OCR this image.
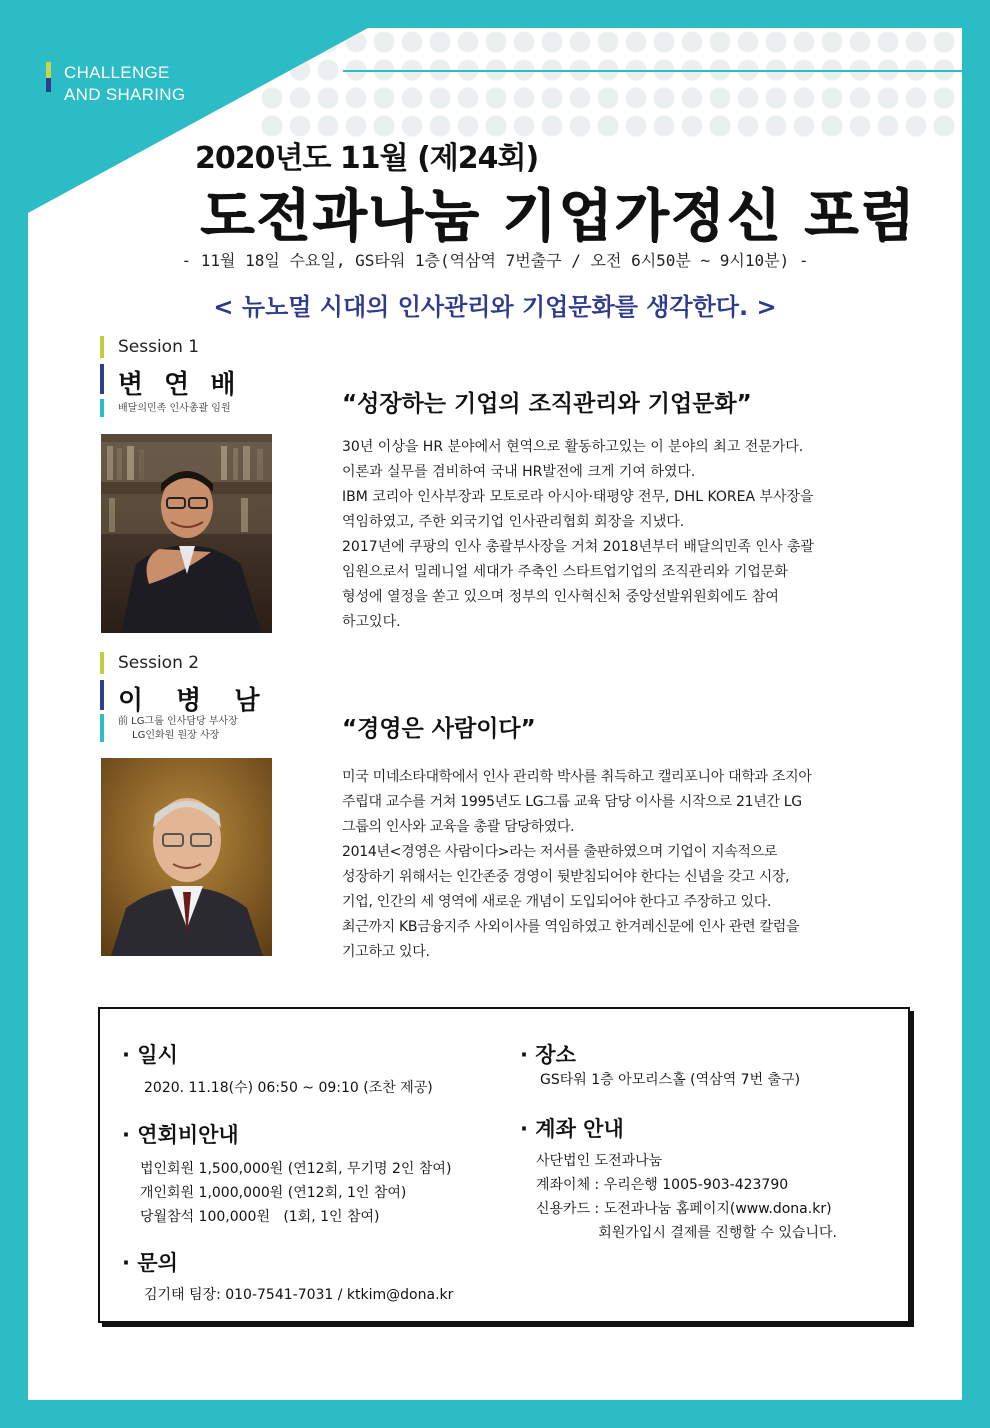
CHALLENGE
AND SHARING
2020년도 11월 (제24회)
도전과나눔 기업가정신 포럼
- 11월 18일 수요일, GS타워 1층(역삼역 7번출구 / 오전 6시50분 ~ 9시10분) -
< 뉴노멀 시대의 인사관리와 기업문화를 생각한다. >
Session 1
변 연 배
배달의민족 인사총괄 임원	“성장하는 기업의 조직관리와 기업문화”

30년 이상을 HR 분야에서 현역으로 활동하고있는 이 분야의 최고 전문가다.

이론과 실무를 겸비하여 국내 HR발전에 크게 기여 하였다.

IBM 코리아 인사부장과 모토로라 아시아·태평양 전무, DHL KOREA 부사장을

역임하였고, 주한 외국기업 인사관리협회 회장을 지냈다.

2017년에 쿠팡의 인사 총괄부사장을 거쳐 2018년부터 배달의민족 인사 총괄

임원으로서 밀레니얼 세대가 주축인 스타트업기업의 조직관리와 기업문화

형성에 열정을 쏟고 있으며 정부의 인사혁신처 중앙선발위원회에도 참여

하고있다.

Session 2
이 병 남
前 LG그룹 인사담당 부사장
LG인화원 원장 사장	“경영은 사람이다”

미국 미네소타대학에서 인사 관리학 박사를 취득하고 캘리포니아 대학과 조지아

주립대 교수를 거쳐 1995년도 LG그룹 교육 담당 이사를 시작으로 21년간 LG

그룹의 인사와 교육을 총괄 담당하였다.

2014년<경영은 사람이다>라는 저서를 출판하였으며 기업이 지속적으로

성장하기 위해서는 인간존중 경영이 뒷받침되어야 한다는 신념을 갖고 시장,

기업, 인간의 세 영역에 새로운 개념이 도입되어야 한다고 주장하고 있다.

최근까지 KB금융지주 사외이사를 역임하였고 한겨레신문에 인사 관련 칼럼을

기고하고 있다.

· 일시
2020. 11.18(수) 06:50 ~ 09:10 (조찬 제공)
· 연회비안내

법인회원 1,500,000원 (연12회, 무기명 2인 참여)

개인회원 1,000,000원 (연12회, 1인 참여)

당월참석 100,000원   (1회, 1인 참여)

· 문의
김기태 팀장: 010-7541-7031 / ktkim@dona.kr
· 장소
GS타워 1층 아모리스홀 (역삼역 7번 출구)
· 계좌 안내

사단법인 도전과나눔

계좌이체 : 우리은행 1005-903-423790

신용카드 : 도전과나눔 홈페이지(www.dona.kr)

회원가입시 결제를 진행할 수 있습니다.
